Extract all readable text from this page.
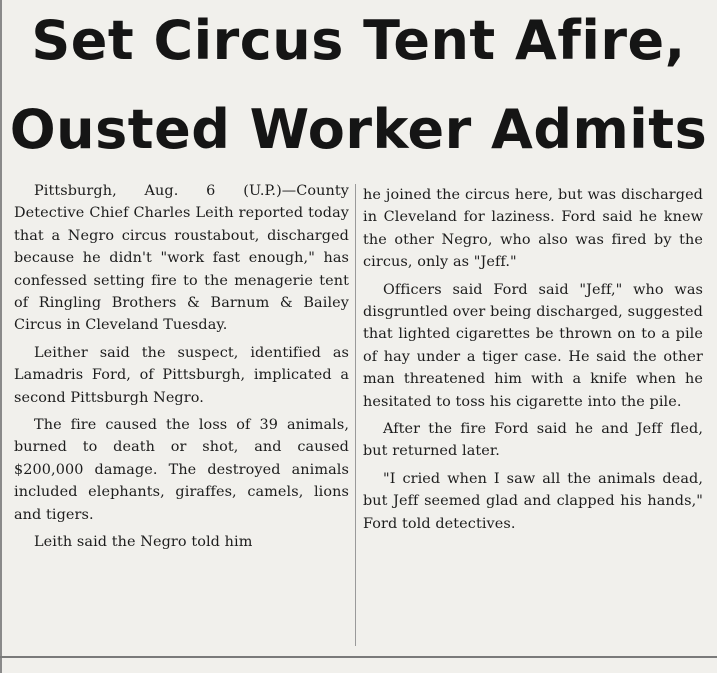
Set Circus Tent Afire,
Ousted Worker Admits

Pittsburgh, Aug. 6 (U.P.)—County Detective Chief Charles Leith reported today that a Negro circus roustabout, discharged because he didn't "work fast enough," has confessed setting fire to the menagerie tent of Ringling Brothers & Barnum & Bailey Circus in Cleveland Tuesday.

Leither said the suspect, identified as Lamadris Ford, of Pittsburgh, implicated a second Pittsburgh Negro.

The fire caused the loss of 39 animals, burned to death or shot, and caused $200,000 damage. The destroyed animals included elephants, giraffes, camels, lions and tigers.

Leith said the Negro told him

he joined the circus here, but was discharged in Cleveland for laziness. Ford said he knew the other Negro, who also was fired by the circus, only as "Jeff."

Officers said Ford said "Jeff," who was disgruntled over being discharged, suggested that lighted cigarettes be thrown on to a pile of hay under a tiger case. He said the other man threatened him with a knife when he hesitated to toss his cigarette into the pile.

After the fire Ford said he and Jeff fled, but returned later.

"I cried when I saw all the animals dead, but Jeff seemed glad and clapped his hands," Ford told detectives.
